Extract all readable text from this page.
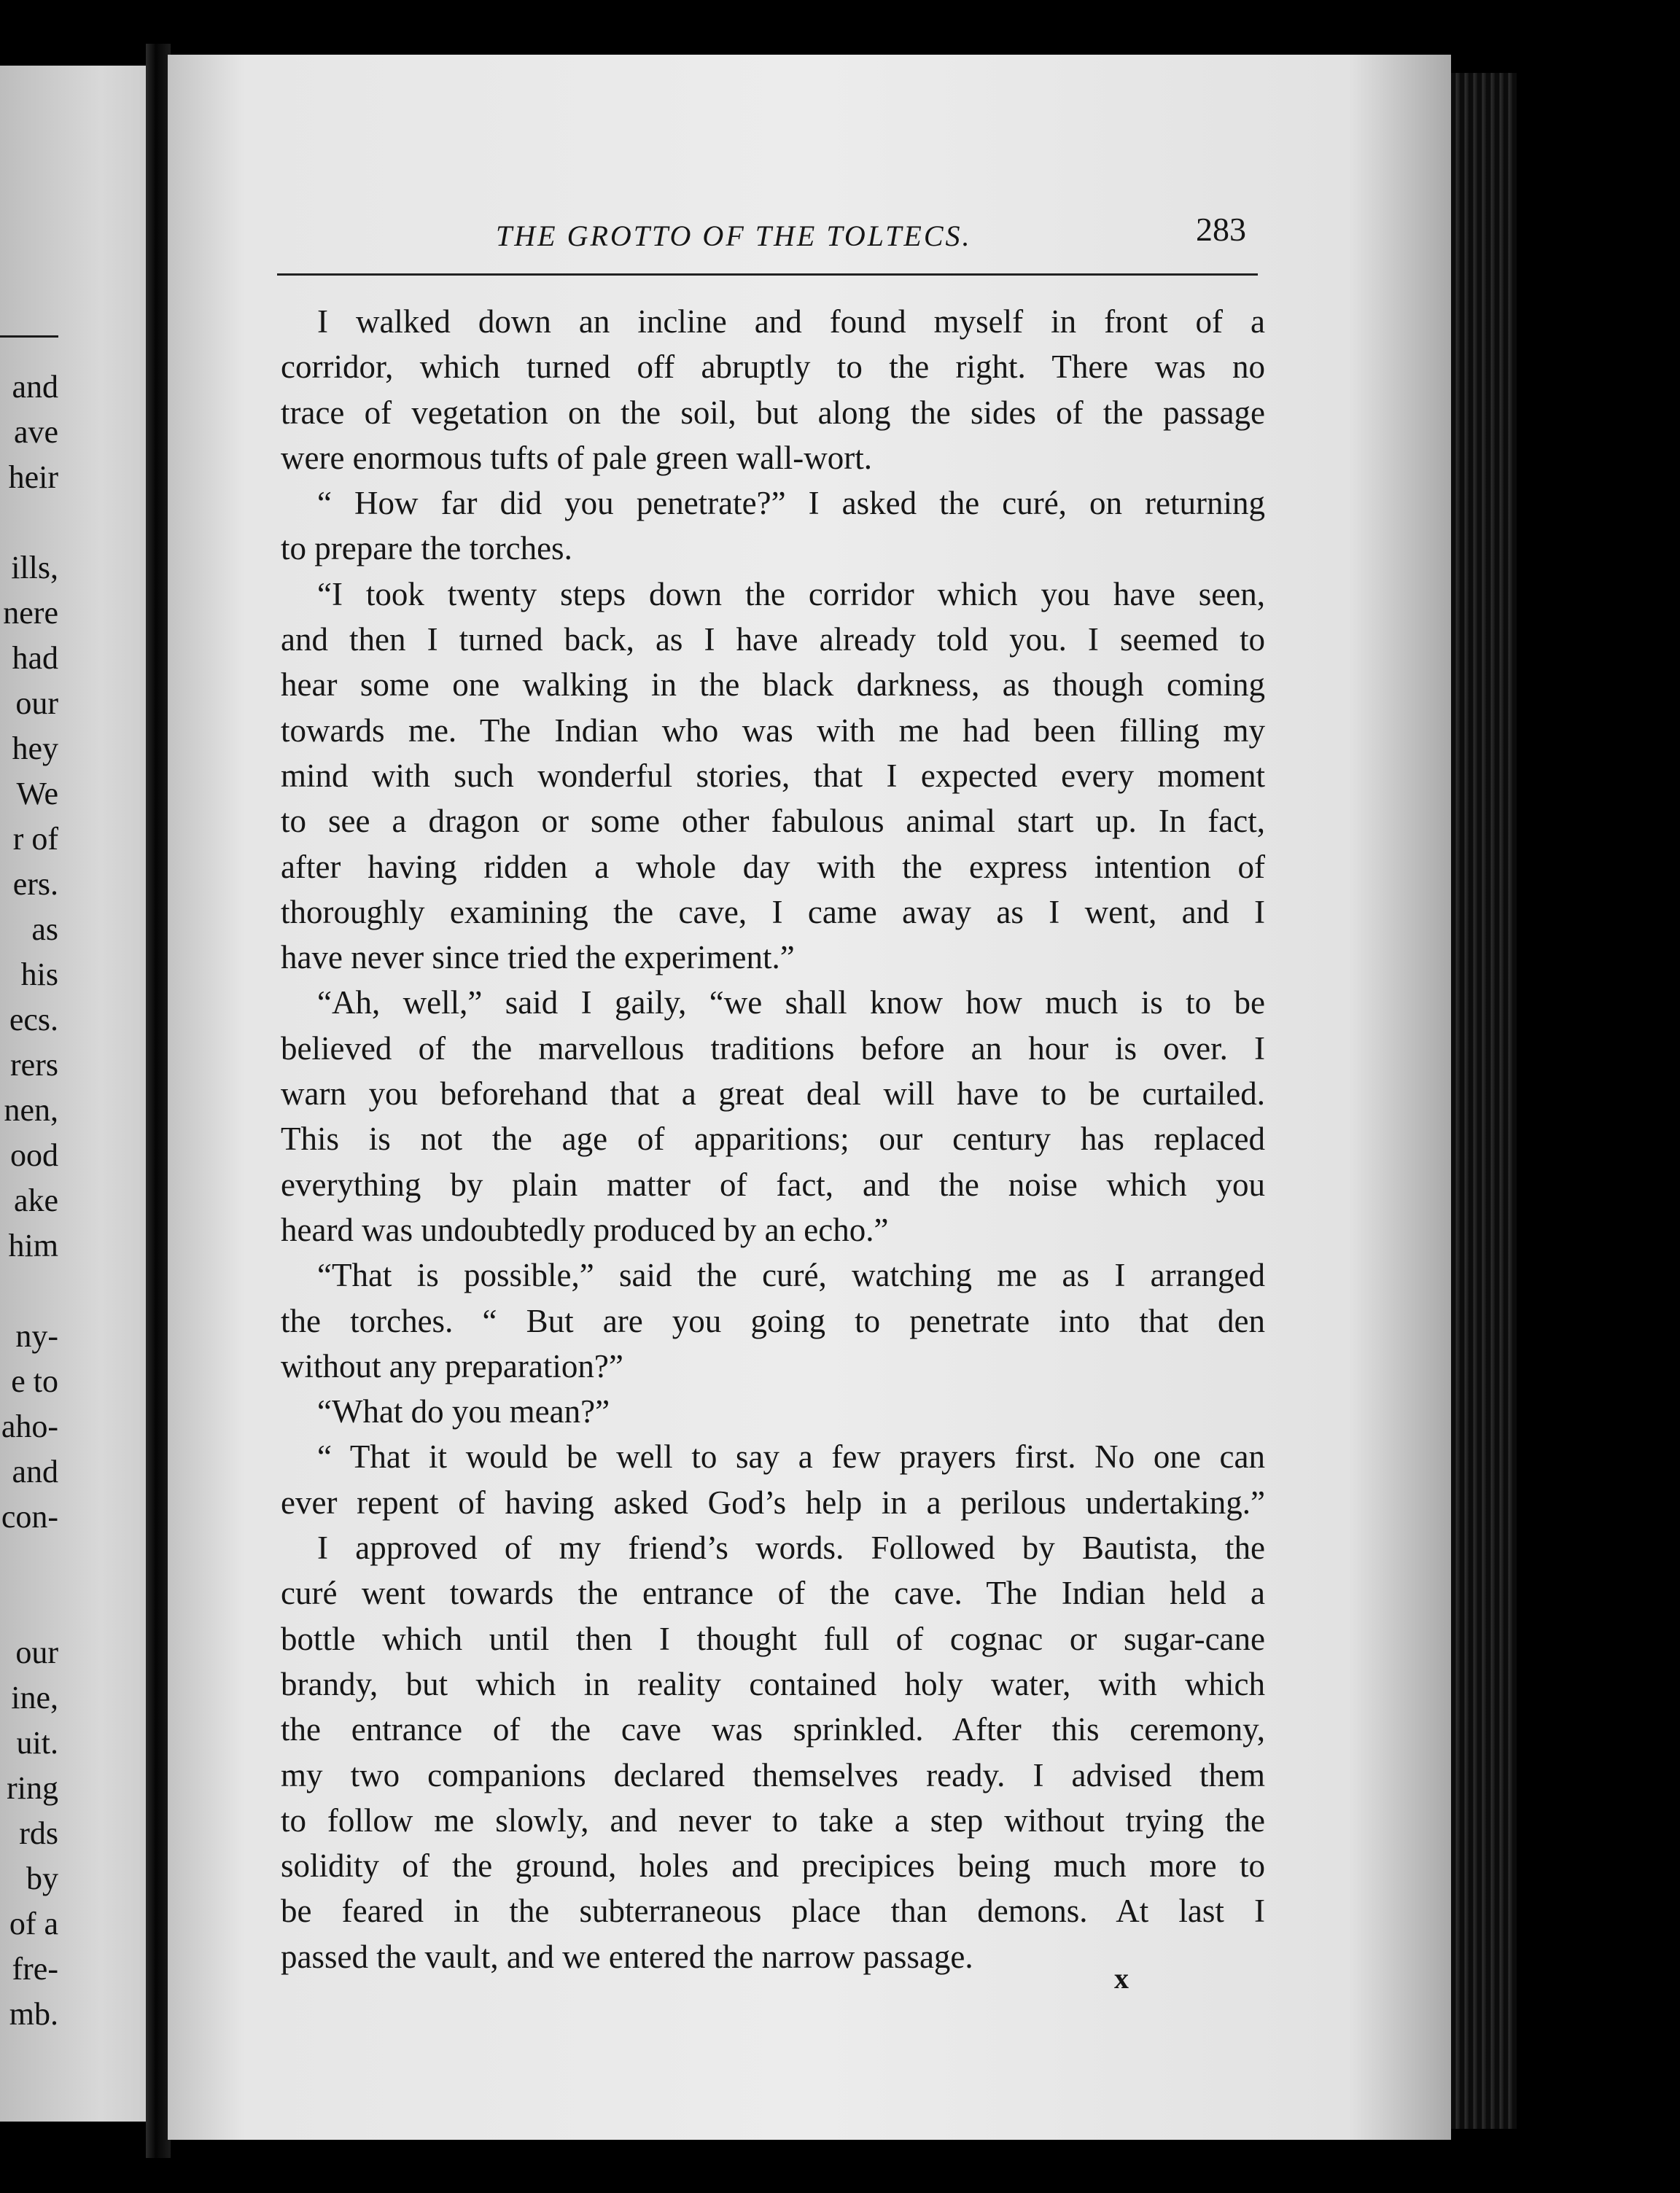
and
ave
heir
ills,
nere
had
our
hey
We
r of
ers.
as
his
ecs.
rers
nen,
ood
ake
him
ny-
e to
aho-
and
con-
our
ine,
uit.
ring
rds
by
of a
fre-
mb.
THE GROTTO OF THE TOLTECS.	283
I walked down an incline and found myself in front of a
corridor, which turned off abruptly to the right. There was no
trace of vegetation on the soil, but along the sides of the passage
were enormous tufts of pale green wall-wort.
“ How far did you penetrate?” I asked the curé, on returning
to prepare the torches.
“I took twenty steps down the corridor which you have seen,
and then I turned back, as I have already told you. I seemed to
hear some one walking in the black darkness, as though coming
towards me. The Indian who was with me had been filling my
mind with such wonderful stories, that I expected every moment
to see a dragon or some other fabulous animal start up. In fact,
after having ridden a whole day with the express intention of
thoroughly examining the cave, I came away as I went, and I
have never since tried the experiment.”
“Ah, well,” said I gaily, “we shall know how much is to be
believed of the marvellous traditions before an hour is over. I
warn you beforehand that a great deal will have to be curtailed.
This is not the age of apparitions; our century has replaced
everything by plain matter of fact, and the noise which you
heard was undoubtedly produced by an echo.”
“That is possible,” said the curé, watching me as I arranged
the torches. “ But are you going to penetrate into that den
without any preparation?”
“What do you mean?”
“ That it would be well to say a few prayers first. No one can
ever repent of having asked God’s help in a perilous undertaking.”
I approved of my friend’s words. Followed by Bautista, the
curé went towards the entrance of the cave. The Indian held a
bottle which until then I thought full of cognac or sugar-cane
brandy, but which in reality contained holy water, with which
the entrance of the cave was sprinkled. After this ceremony,
my two companions declared themselves ready. I advised them
to follow me slowly, and never to take a step without trying the
solidity of the ground, holes and precipices being much more to
be feared in the subterraneous place than demons. At last I
passed the vault, and we entered the narrow passage.
x
